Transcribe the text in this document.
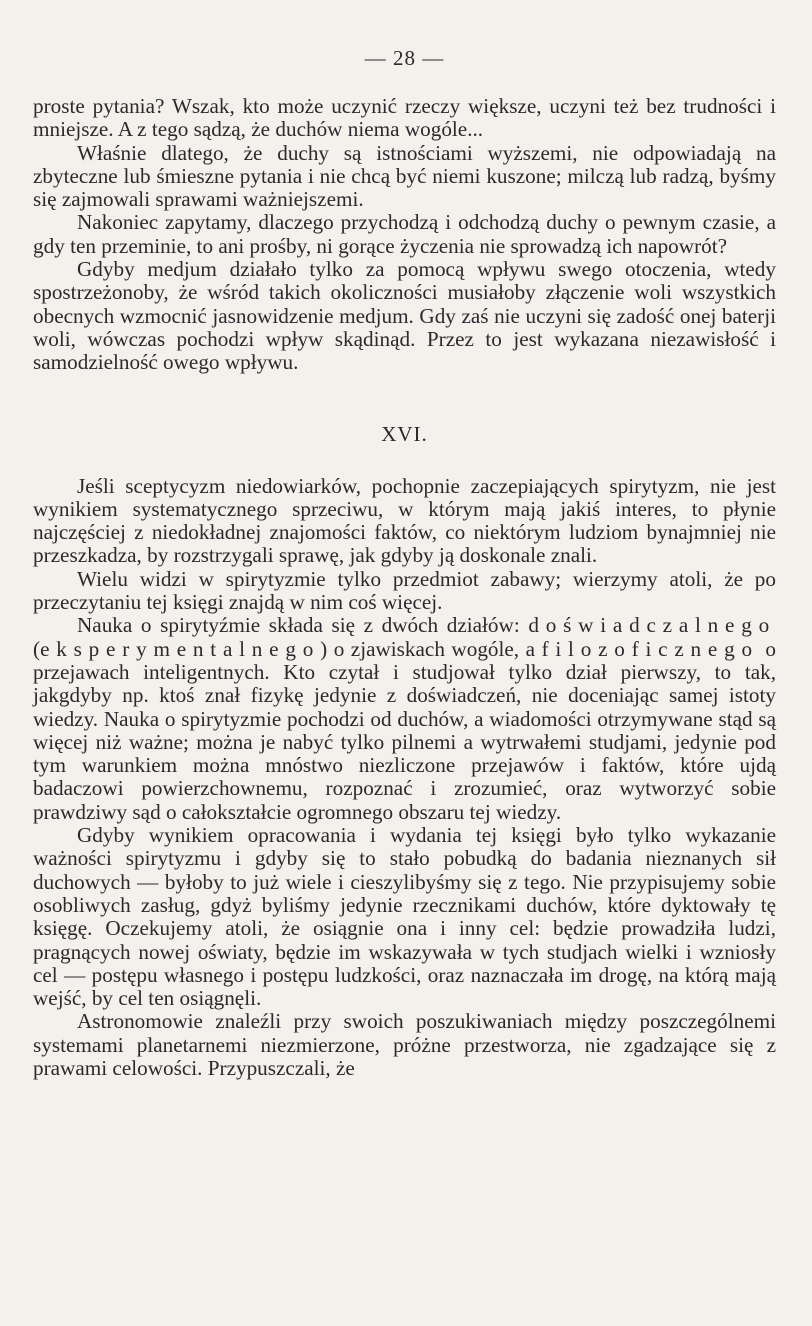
— 28 —

proste pytania? Wszak, kto może uczynić rzeczy większe, uczyni też bez trudności i mniejsze. A z tego sądzą, że duchów niema wogóle...

Właśnie dlatego, że duchy są istnościami wyższemi, nie odpowiadają na zbyteczne lub śmieszne pytania i nie chcą być niemi kuszone; milczą lub radzą, byśmy się zajmowali sprawami ważniejszemi.

Nakoniec zapytamy, dlaczego przychodzą i odchodzą duchy o pewnym czasie, a gdy ten przeminie, to ani prośby, ni gorące życzenia nie sprowadzą ich napowrót?

Gdyby medjum działało tylko za pomocą wpływu swego otoczenia, wtedy spostrzeżonoby, że wśród takich okoliczności musiałoby złączenie woli wszystkich obecnych wzmocnić jasnowidzenie medjum. Gdy zaś nie uczyni się zadość onej baterji woli, wówczas pochodzi wpływ skądinąd. Przez to jest wykazana niezawisłość i samodzielność owego wpływu.

XVI.

Jeśli sceptycyzm niedowiarków, pochopnie zaczepiających spirytyzm, nie jest wynikiem systematycznego sprzeciwu, w którym mają jakiś interes, to płynie najczęściej z niedokładnej znajomości faktów, co niektórym ludziom bynajmniej nie przeszkadza, by rozstrzygali sprawę, jak gdyby ją doskonale znali.

Wielu widzi w spirytyzmie tylko przedmiot zabawy; wierzymy atoli, że po przeczytaniu tej księgi znajdą w nim coś więcej.

Nauka o spirytyźmie składa się z dwóch działów: doświadczalnego (eksperymentalnego) o zjawiskach wogóle, a filozoficznego o przejawach inteligentnych. Kto czytał i studjował tylko dział pierwszy, to tak, jakgdyby np. ktoś znał fizykę jedynie z doświadczeń, nie doceniając samej istoty wiedzy. Nauka o spirytyzmie pochodzi od duchów, a wiadomości otrzymywane stąd są więcej niż ważne; można je nabyć tylko pilnemi a wytrwałemi studjami, jedynie pod tym warunkiem można mnóstwo niezliczone przejawów i faktów, które ujdą badaczowi powierzchownemu, rozpoznać i zrozumieć, oraz wytworzyć sobie prawdziwy sąd o całokształcie ogromnego obszaru tej wiedzy.

Gdyby wynikiem opracowania i wydania tej księgi było tylko wykazanie ważności spirytyzmu i gdyby się to stało pobudką do badania nieznanych sił duchowych — byłoby to już wiele i cieszylibyśmy się z tego. Nie przypisujemy sobie osobliwych zasług, gdyż byliśmy jedynie rzecznikami duchów, które dyktowały tę księgę. Oczekujemy atoli, że osiągnie ona i inny cel: będzie prowadziła ludzi, pragnących nowej oświaty, będzie im wskazywała w tych studjach wielki i wzniosły cel — postępu własnego i postępu ludzkości, oraz naznaczała im drogę, na którą mają wejść, by cel ten osiągnęli.

Astronomowie znaleźli przy swoich poszukiwaniach między poszczególnemi systemami planetarnemi niezmierzone, próżne przestworza, nie zgadzające się z prawami celowości. Przypuszczali, że
